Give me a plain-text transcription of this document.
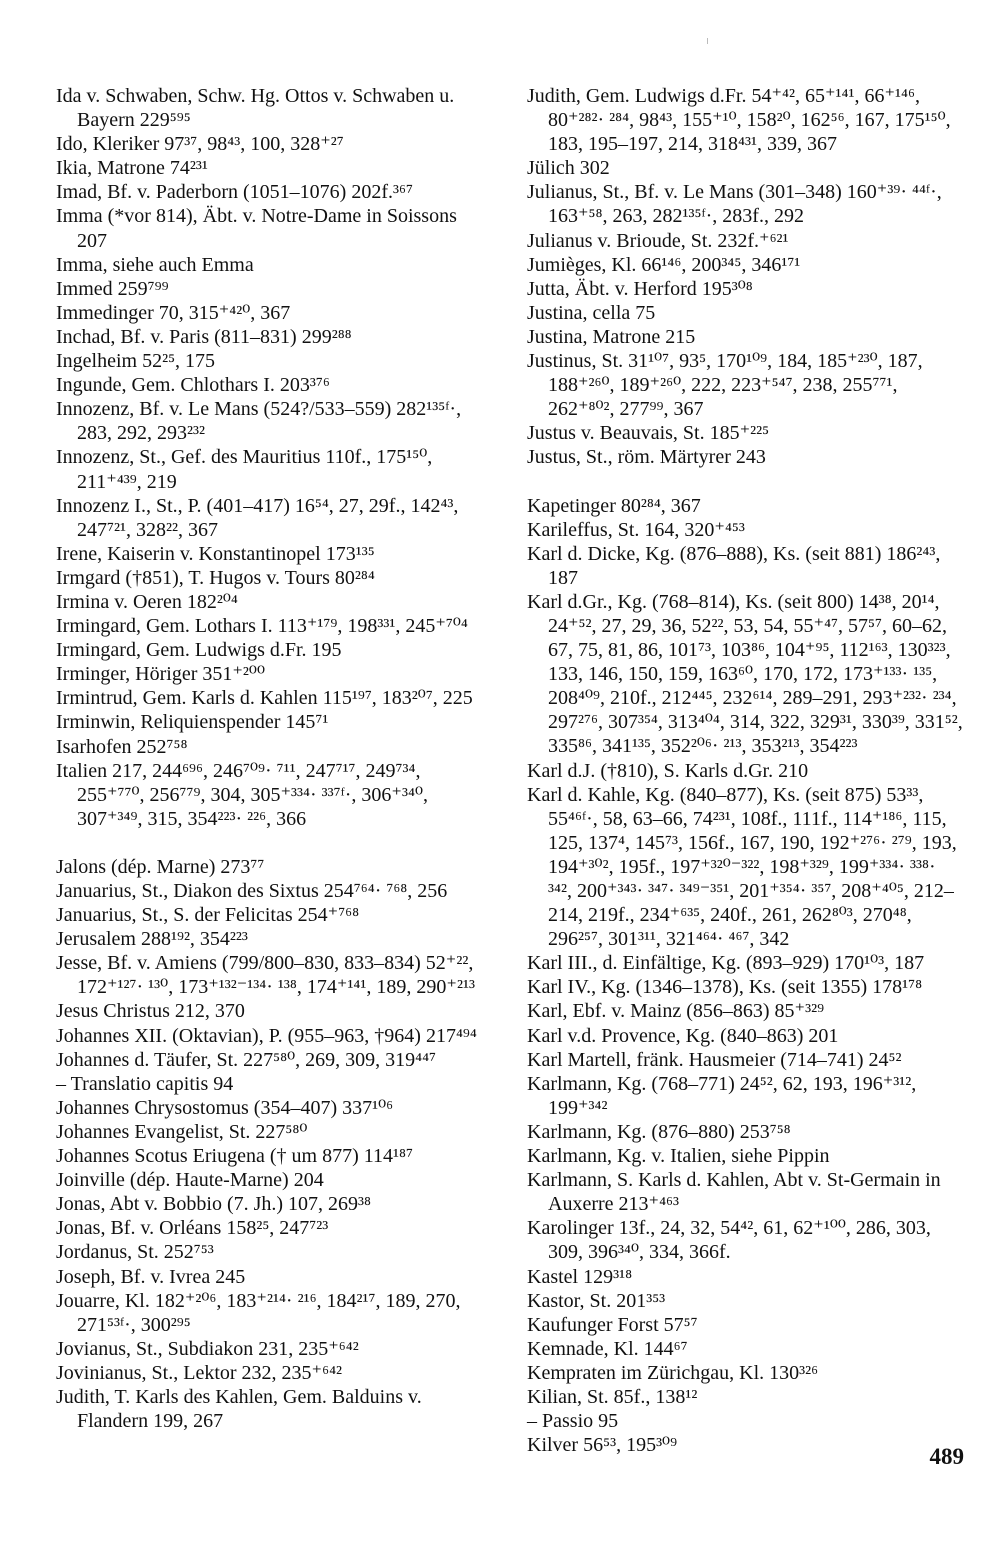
Ida v. Schwaben, Schw. Hg. Ottos v. Schwaben u. Bayern 229⁵⁹⁵
Ido, Kleriker 97³⁷, 98⁴³, 100, 328⁺²⁷
Ikia, Matrone 74²³¹
Imad, Bf. v. Paderborn (1051–1076) 202f.³⁶⁷
Imma (*vor 814), Äbt. v. Notre-Dame in Soissons 207
Imma, siehe auch Emma
Immed 259⁷⁹⁹
Immedinger 70, 315⁺⁴²⁰, 367
Inchad, Bf. v. Paris (811–831) 299²⁸⁸
Ingelheim 52²⁵, 175
Ingunde, Gem. Chlothars I. 203³⁷⁶
Innozenz, Bf. v. Le Mans (524?/533–559) 282¹³⁵ᶠ·, 283, 292, 293²³²
Innozenz, St., Gef. des Mauritius 110f., 175¹⁵⁰, 211⁺⁴³⁹, 219
Innozenz I., St., P. (401–417) 16⁵⁴, 27, 29f., 142⁴³, 247⁷²¹, 328²², 367
Irene, Kaiserin v. Konstantinopel 173¹³⁵
Irmgard (†851), T. Hugos v. Tours 80²⁸⁴
Irmina v. Oeren 182²⁰⁴
Irmingard, Gem. Lothars I. 113⁺¹⁷⁹, 198³³¹, 245⁺⁷⁰⁴
Irmingard, Gem. Ludwigs d.Fr. 195
Irminger, Höriger 351⁺²⁰⁰
Irmintrud, Gem. Karls d. Kahlen 115¹⁹⁷, 183²⁰⁷, 225
Irminwin, Reliquienspender 145⁷¹
Isarhofen 252⁷⁵⁸
Italien 217, 244⁶⁹⁶, 246⁷⁰⁹· ⁷¹¹, 247⁷¹⁷, 249⁷³⁴, 255⁺⁷⁷⁰, 256⁷⁷⁹, 304, 305⁺³³⁴· ³³⁷ᶠ·, 306⁺³⁴⁰, 307⁺³⁴⁹, 315, 354²²³· ²²⁶, 366
Jalons (dép. Marne) 273⁷⁷
Januarius, St., Diakon des Sixtus 254⁷⁶⁴· ⁷⁶⁸, 256
Januarius, St., S. der Felicitas 254⁺⁷⁶⁸
Jerusalem 288¹⁹², 354²²³
Jesse, Bf. v. Amiens (799/800–830, 833–834) 52⁺²², 172⁺¹²⁷· ¹³⁰, 173⁺¹³²⁻¹³⁴· ¹³⁸, 174⁺¹⁴¹, 189, 290⁺²¹³
Jesus Christus 212, 370
Johannes XII. (Oktavian), P. (955–963, †964) 217⁴⁹⁴
Johannes d. Täufer, St. 227⁵⁸⁰, 269, 309, 319⁴⁴⁷
– Translatio capitis 94
Johannes Chrysostomus (354–407) 337¹⁰⁶
Johannes Evangelist, St. 227⁵⁸⁰
Johannes Scotus Eriugena († um 877) 114¹⁸⁷
Joinville (dép. Haute-Marne) 204
Jonas, Abt v. Bobbio (7. Jh.) 107, 269³⁸
Jonas, Bf. v. Orléans 158²⁵, 247⁷²³
Jordanus, St. 252⁷⁵³
Joseph, Bf. v. Ivrea 245
Jouarre, Kl. 182⁺²⁰⁶, 183⁺²¹⁴· ²¹⁶, 184²¹⁷, 189, 270, 271⁵³ᶠ·, 300²⁹⁵
Jovianus, St., Subdiakon 231, 235⁺⁶⁴²
Jovinianus, St., Lektor 232, 235⁺⁶⁴²
Judith, T. Karls des Kahlen, Gem. Balduins v. Flandern 199, 267
Judith, Gem. Ludwigs d.Fr. 54⁺⁴², 65⁺¹⁴¹, 66⁺¹⁴⁶, 80⁺²⁸²· ²⁸⁴, 98⁴³, 155⁺¹⁰, 158²⁰, 162⁵⁶, 167, 175¹⁵⁰, 183, 195–197, 214, 318⁴³¹, 339, 367
Jülich 302
Julianus, St., Bf. v. Le Mans (301–348) 160⁺³⁹· ⁴⁴ᶠ·, 163⁺⁵⁸, 263, 282¹³⁵ᶠ·, 283f., 292
Julianus v. Brioude, St. 232f.⁺⁶²¹
Jumièges, Kl. 66¹⁴⁶, 200³⁴⁵, 346¹⁷¹
Jutta, Äbt. v. Herford 195³⁰⁸
Justina, cella 75
Justina, Matrone 215
Justinus, St. 31¹⁰⁷, 93⁵, 170¹⁰⁹, 184, 185⁺²³⁰, 187, 188⁺²⁶⁰, 189⁺²⁶⁰, 222, 223⁺⁵⁴⁷, 238, 255⁷⁷¹, 262⁺⁸⁰², 277⁹⁹, 367
Justus v. Beauvais, St. 185⁺²²⁵
Justus, St., röm. Märtyrer 243
Kapetinger 80²⁸⁴, 367
Karileffus, St. 164, 320⁺⁴⁵³
Karl d. Dicke, Kg. (876–888), Ks. (seit 881) 186²⁴³, 187
Karl d.Gr., Kg. (768–814), Ks. (seit 800) 14³⁸, 20¹⁴, 24⁺⁵², 27, 29, 36, 52²², 53, 54, 55⁺⁴⁷, 57⁵⁷, 60–62, 67, 75, 81, 86, 101⁷³, 103⁸⁶, 104⁺⁹⁵, 112¹⁶³, 130³²³, 133, 146, 150, 159, 163⁶⁰, 170, 172, 173⁺¹³³· ¹³⁵, 208⁴⁰⁹, 210f., 212⁴⁴⁵, 232⁶¹⁴, 289–291, 293⁺²³²· ²³⁴, 297²⁷⁶, 307³⁵⁴, 313⁴⁰⁴, 314, 322, 329³¹, 330³⁹, 331⁵², 335⁸⁶, 341¹³⁵, 352²⁰⁶· ²¹³, 353²¹³, 354²²³
Karl d.J. (†810), S. Karls d.Gr. 210
Karl d. Kahle, Kg. (840–877), Ks. (seit 875) 53³³, 55⁴⁶ᶠ·, 58, 63–66, 74²³¹, 108f., 111f., 114⁺¹⁸⁶, 115, 125, 137⁴, 145⁷³, 156f., 167, 190, 192⁺²⁷⁶· ²⁷⁹, 193, 194⁺³⁰², 195f., 197⁺³²⁰⁻³²², 198⁺³²⁹, 199⁺³³⁴· ³³⁸· ³⁴², 200⁺³⁴³· ³⁴⁷· ³⁴⁹⁻³⁵¹, 201⁺³⁵⁴· ³⁵⁷, 208⁺⁴⁰⁵, 212–214, 219f., 234⁺⁶³⁵, 240f., 261, 262⁸⁰³, 270⁴⁸, 296²⁵⁷, 301³¹¹, 321⁴⁶⁴· ⁴⁶⁷, 342
Karl III., d. Einfältige, Kg. (893–929) 170¹⁰³, 187
Karl IV., Kg. (1346–1378), Ks. (seit 1355) 178¹⁷⁸
Karl, Ebf. v. Mainz (856–863) 85⁺³²⁹
Karl v.d. Provence, Kg. (840–863) 201
Karl Martell, fränk. Hausmeier (714–741) 24⁵²
Karlmann, Kg. (768–771) 24⁵², 62, 193, 196⁺³¹², 199⁺³⁴²
Karlmann, Kg. (876–880) 253⁷⁵⁸
Karlmann, Kg. v. Italien, siehe Pippin
Karlmann, S. Karls d. Kahlen, Abt v. St-Germain in Auxerre 213⁺⁴⁶³
Karolinger 13f., 24, 32, 54⁴², 61, 62⁺¹⁰⁰, 286, 303, 309, 396³⁴⁰, 334, 366f.
Kastel 129³¹⁸
Kastor, St. 201³⁵³
Kaufunger Forst 57⁵⁷
Kemnade, Kl. 144⁶⁷
Kempraten im Zürichgau, Kl. 130³²⁶
Kilian, St. 85f., 138¹²
– Passio 95
Kilver 56⁵³, 195³⁰⁹	489
